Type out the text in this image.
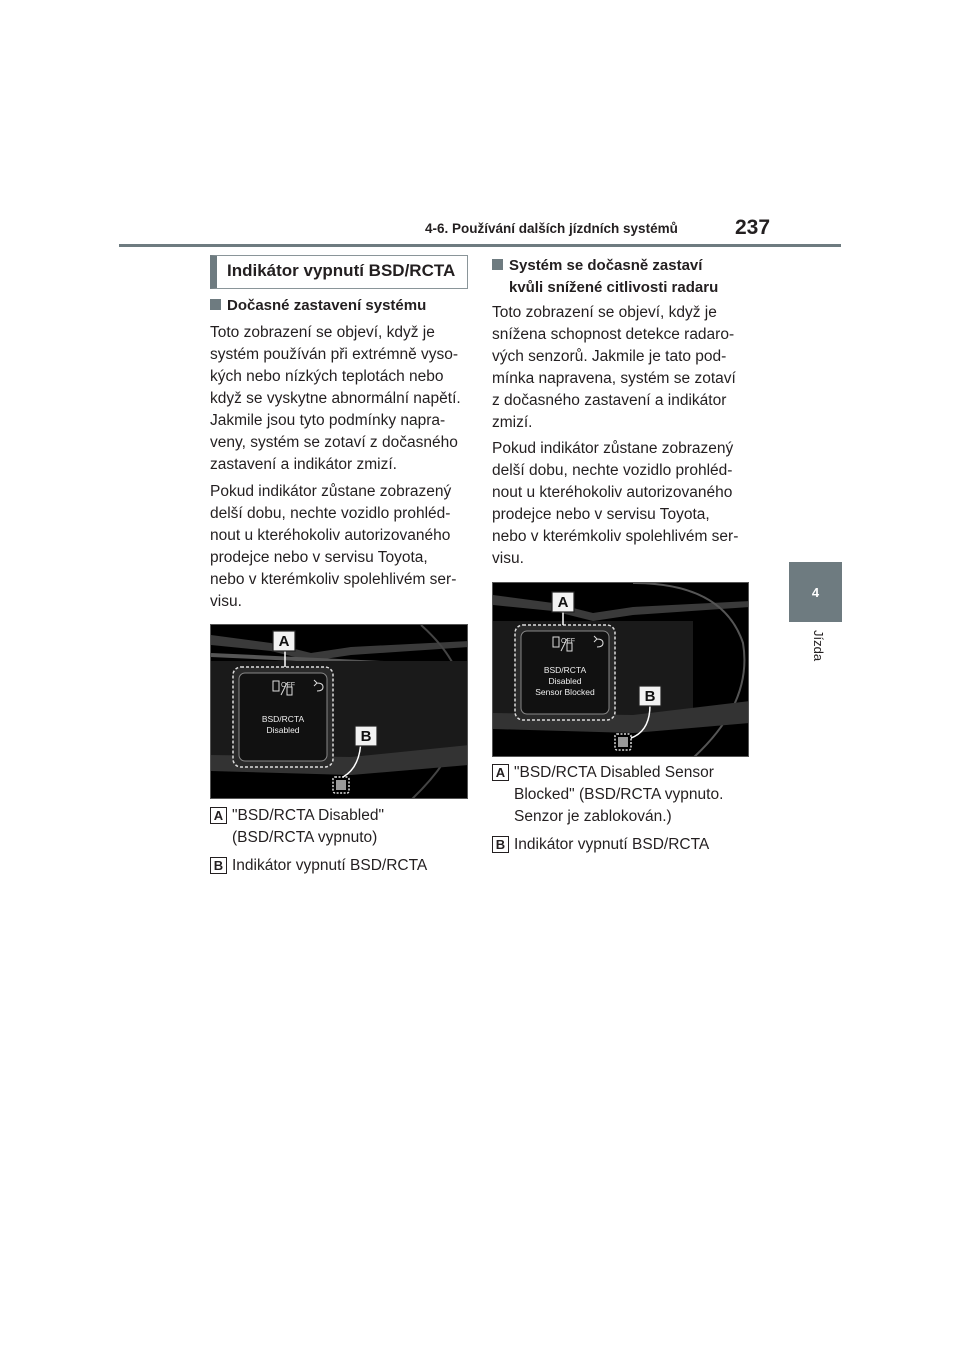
4-6. Používání dalších jízdních systémů	237
4
Jízda
Indikátor vypnutí BSD/RCTA
Dočasné zastavení systému
Toto zobrazení se objeví, když je
systém používán při extrémně vyso-
kých nebo nízkých teplotách nebo
když se vyskytne abnormální napětí.
Jakmile jsou tyto podmínky napra-
veny, systém se zotaví z dočasného
zastavení a indikátor zmizí.
Pokud indikátor zůstane zobrazený
delší dobu, nechte vozidlo prohléd-
nout u kteréhokoliv autorizovaného
prodejce nebo v servisu Toyota,
nebo v kterémkoliv spolehlivém ser-
visu.
OFF
BSD/RCTA
Disabled
A
B
A "BSD/RCTA Disabled"
(BSD/RCTA vypnuto)
B Indikátor vypnutí BSD/RCTA
Systém se dočasně zastaví
kvůli snížené citlivosti radaru
Toto zobrazení se objeví, když je
snížena schopnost detekce radaro-
vých senzorů. Jakmile je tato pod-
mínka napravena, systém se zotaví
z dočasného zastavení a indikátor
zmizí.
Pokud indikátor zůstane zobrazený
delší dobu, nechte vozidlo prohléd-
nout u kteréhokoliv autorizovaného
prodejce nebo v servisu Toyota,
nebo v kterémkoliv spolehlivém ser-
visu.
OFF
BSD/RCTA
Disabled
Sensor Blocked
A
B
A "BSD/RCTA Disabled Sensor
Blocked" (BSD/RCTA vypnuto.
Senzor je zablokován.)
B Indikátor vypnutí BSD/RCTA
